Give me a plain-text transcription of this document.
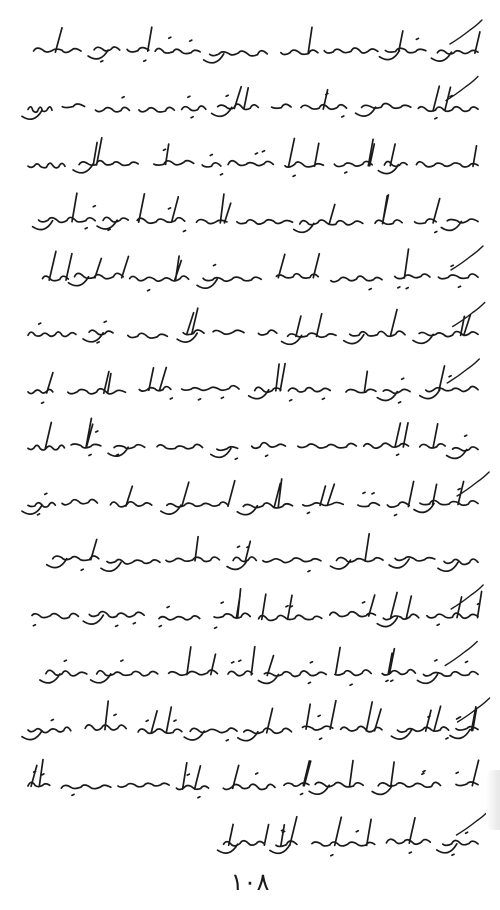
۱۰۸
